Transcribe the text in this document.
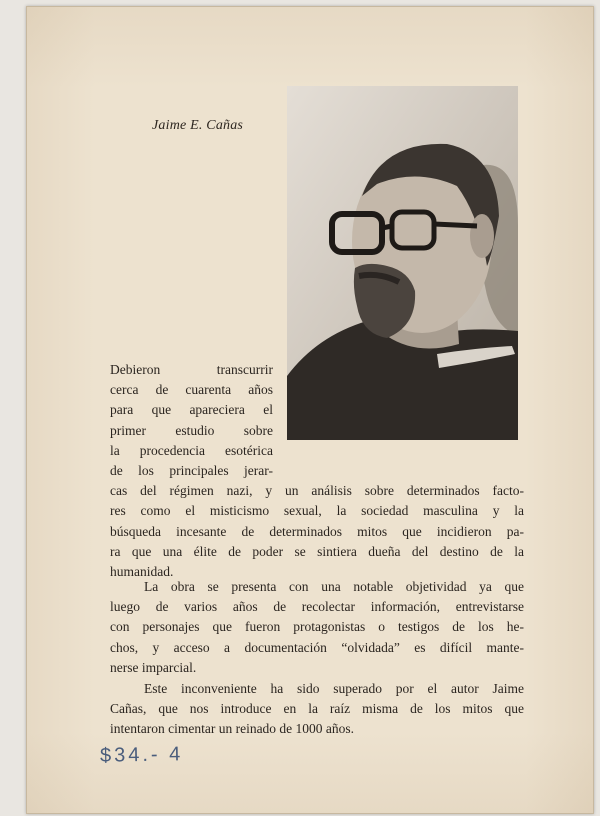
Jaime E. Cañas
Debieron transcurrir
cerca de cuarenta años
para que apareciera el
primer estudio sobre
la procedencia esotérica
de los principales jerar-
cas del régimen nazi, y un análisis sobre determinados facto-
res como el misticismo sexual, la sociedad masculina y la
búsqueda incesante de determinados mitos que incidieron pa-
ra que una élite de poder se sintiera dueña del destino de la
humanidad.
La obra se presenta con una notable objetividad ya que
luego de varios años de recolectar información, entrevistarse
con personajes que fueron protagonistas o testigos de los he-
chos, y acceso a documentación “olvidada” es difícil mante-
nerse imparcial.
Este inconveniente ha sido superado por el autor Jaime
Cañas, que nos introduce en la raíz misma de los mitos que
intentaron cimentar un reinado de 1000 años.
$34.- 4
